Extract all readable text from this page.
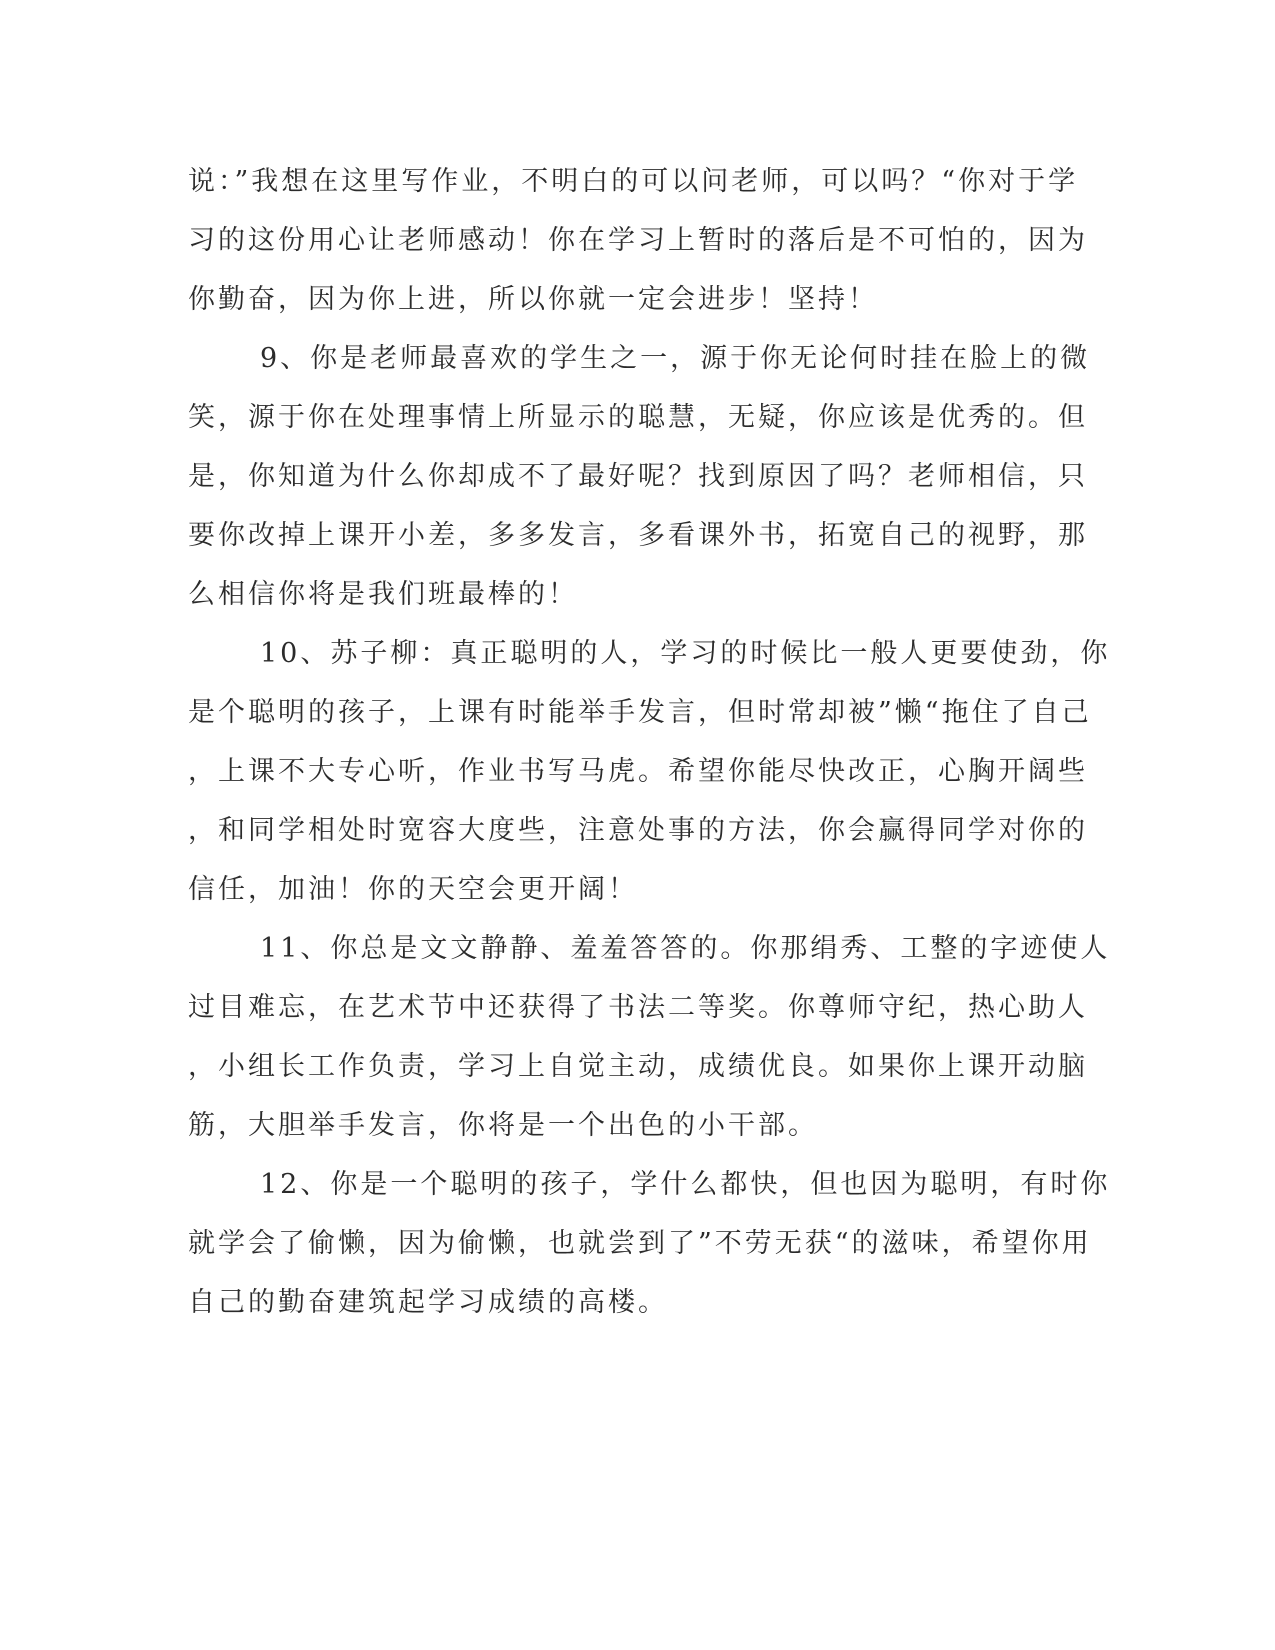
说：”我想在这里写作业，不明白的可以问老师，可以吗？“你对于学
习的这份用心让老师感动！你在学习上暂时的落后是不可怕的，因为
你勤奋，因为你上进，所以你就一定会进步！坚持！
9、你是老师最喜欢的学生之一，源于你无论何时挂在脸上的微
笑，源于你在处理事情上所显示的聪慧，无疑，你应该是优秀的。但
是，你知道为什么你却成不了最好呢？找到原因了吗？老师相信，只
要你改掉上课开小差，多多发言，多看课外书，拓宽自己的视野，那
么相信你将是我们班最棒的！
10、苏子柳：真正聪明的人，学习的时候比一般人更要使劲，你
是个聪明的孩子，上课有时能举手发言，但时常却被”懒“拖住了自己
，上课不大专心听，作业书写马虎。希望你能尽快改正，心胸开阔些
，和同学相处时宽容大度些，注意处事的方法，你会赢得同学对你的
信任，加油！你的天空会更开阔！
11、你总是文文静静、羞羞答答的。你那绢秀、工整的字迹使人
过目难忘，在艺术节中还获得了书法二等奖。你尊师守纪，热心助人
，小组长工作负责，学习上自觉主动，成绩优良。如果你上课开动脑
筋，大胆举手发言，你将是一个出色的小干部。
12、你是一个聪明的孩子，学什么都快，但也因为聪明，有时你
就学会了偷懒，因为偷懒，也就尝到了”不劳无获“的滋味，希望你用
自己的勤奋建筑起学习成绩的高楼。
